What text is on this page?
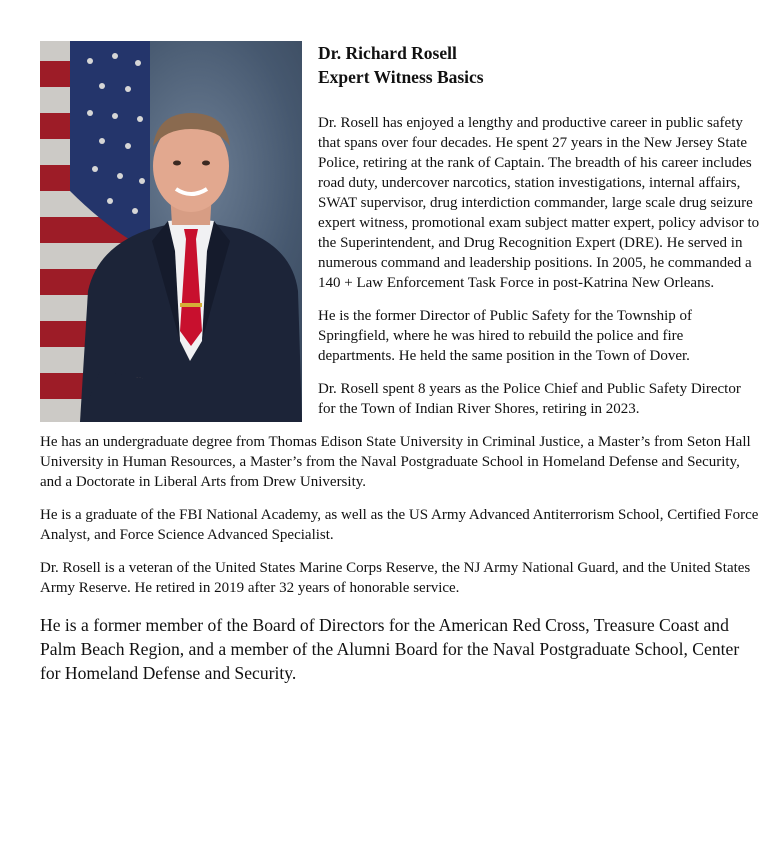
Dr. Richard Rosell
Expert Witness Basics

Dr. Rosell has enjoyed a lengthy and productive career in public safety that spans over four decades. He spent 27 years in the New Jersey State Police, retiring at the rank of Captain. The breadth of his career includes road duty, undercover narcotics, station investigations, internal affairs, SWAT supervisor, drug interdiction commander, large scale drug seizure expert witness, promotional exam subject matter expert, policy advisor to the Superintendent, and Drug Recognition Expert (DRE). He served in numerous command and leadership positions. In 2005, he commanded a 140 + Law Enforcement Task Force in post-Katrina New Orleans.

He is the former Director of Public Safety for the Township of Springfield, where he was hired to rebuild the police and fire departments. He held the same position in the Town of Dover.

Dr. Rosell spent 8 years as the Police Chief and Public Safety Director for the Town of Indian River Shores, retiring in 2023.

He has an undergraduate degree from Thomas Edison State University in Criminal Justice, a Master’s from Seton Hall University in Human Resources, a Master’s from the Naval Postgraduate School in Homeland Defense and Security, and a Doctorate in Liberal Arts from Drew University.

He is a graduate of the FBI National Academy, as well as the US Army Advanced Antiterrorism School, Certified Force Analyst, and Force Science Advanced Specialist.

Dr. Rosell is a veteran of the United States Marine Corps Reserve, the NJ Army National Guard, and the United States Army Reserve. He retired in 2019 after 32 years of honorable service.

He is a former member of the Board of Directors for the American Red Cross, Treasure Coast and Palm Beach Region, and a member of the Alumni Board for the Naval Postgraduate School, Center for Homeland Defense and Security.
